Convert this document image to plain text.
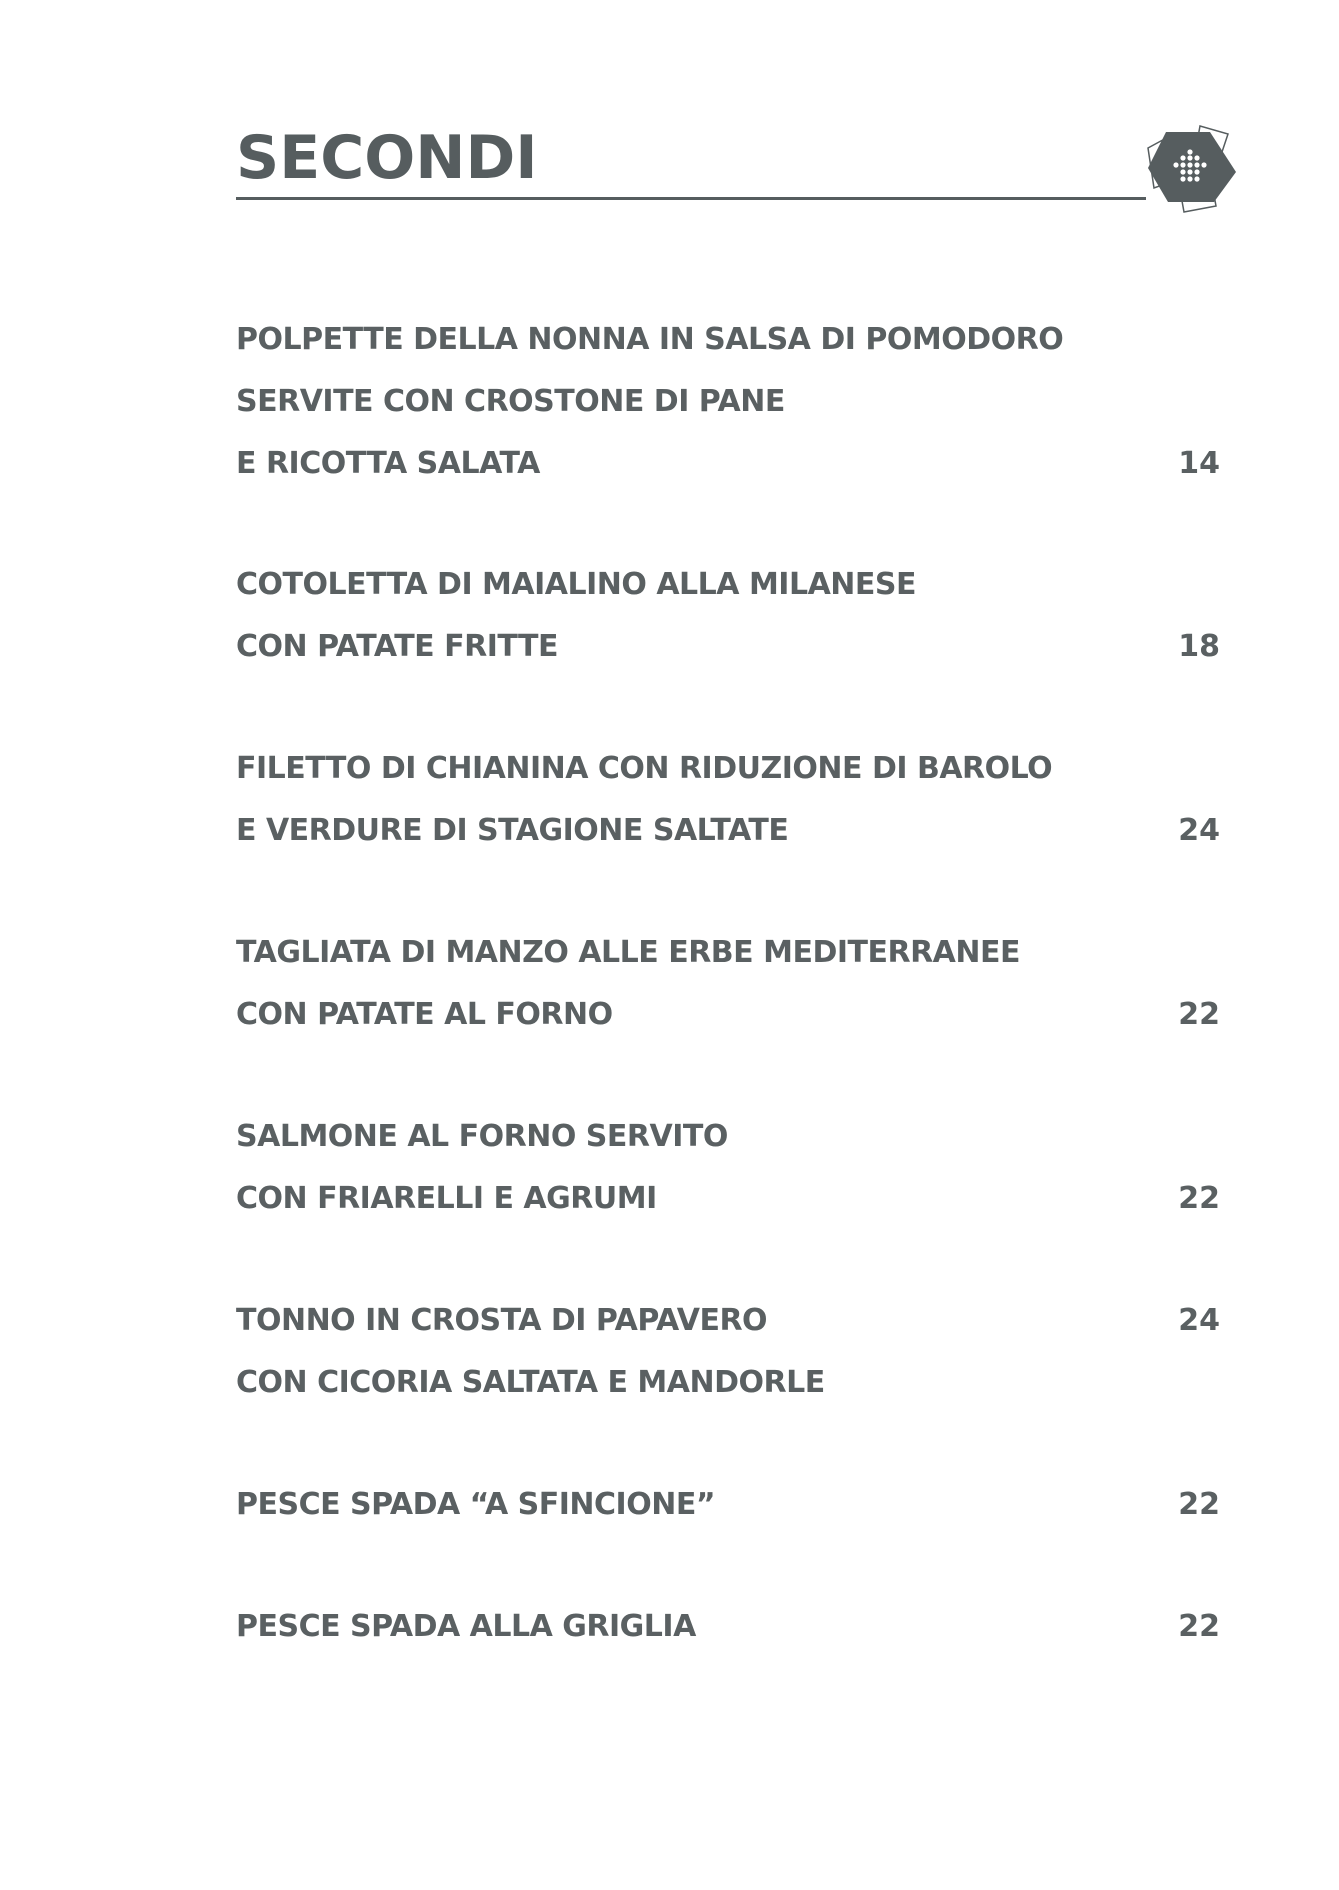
SECONDI

POLPETTE DELLA NONNA IN SALSA DI POMODORO

SERVITE CON CROSTONE DI PANE

E RICOTTA SALATA	14

COTOLETTA DI MAIALINO ALLA MILANESE

CON PATATE FRITTE	18

FILETTO DI CHIANINA CON RIDUZIONE DI BAROLO

E VERDURE DI STAGIONE SALTATE	24

TAGLIATA DI MANZO ALLE ERBE MEDITERRANEE

CON PATATE AL FORNO	22

SALMONE AL FORNO SERVITO

CON FRIARELLI E AGRUMI	22

TONNO IN CROSTA DI PAPAVERO	24

CON CICORIA SALTATA E MANDORLE

PESCE SPADA “A SFINCIONE”	22

PESCE SPADA ALLA GRIGLIA	22
